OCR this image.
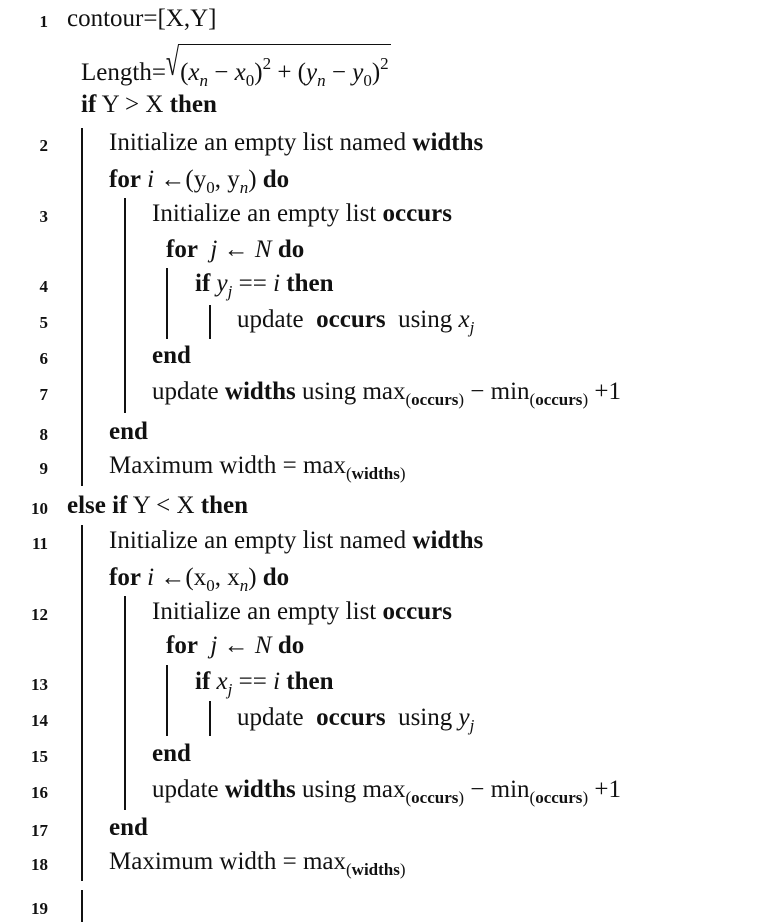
1 contour=[X,Y]
$Length=√(x_n - x_0)^2 + (y_n - y_0)^2$
if Y > X then
2 Initialize an empty list named widths
for i $\leftarrow(y_0$, $y_n$) do
3	Initialize an empty list occurs
for j ← N do
4	if $y_j == i$ then
5	update  occurs  using $x_j$
6	end
7	update widths using $\max_{(occurs)} - \min_{(occurs)} +1$
8 end
9 Maximum width = $\max_{(widths)}$
10 else if Y < X then
11 Initialize an empty list named widths
for i $\leftarrow(x_0$, $x_n$) do
12	Initialize an empty list occurs
for j ← N do
13	if $x_j == i$ then
14	update  occurs  using $y_j$
15	end
16	update widths using $\max_{(occurs)} - \min_{(occurs)} +1$
17 end
18 Maximum width = $\max_{(widths)}$
19
